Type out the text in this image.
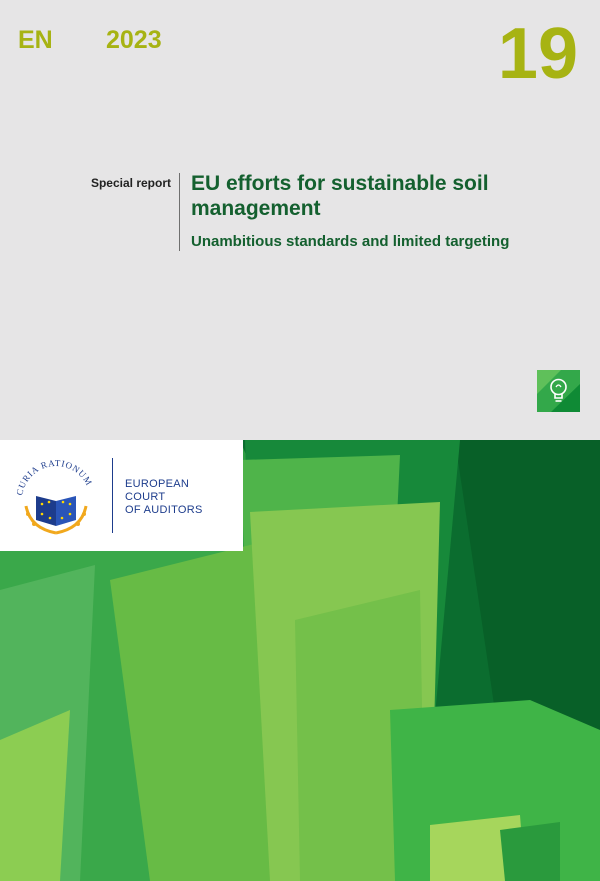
EN 2023	19
Special report EU efforts for sustainable soil management
Unambitious standards and limited targeting
CURIA RATIONUM	EUROPEAN
COURT
OF AUDITORS
